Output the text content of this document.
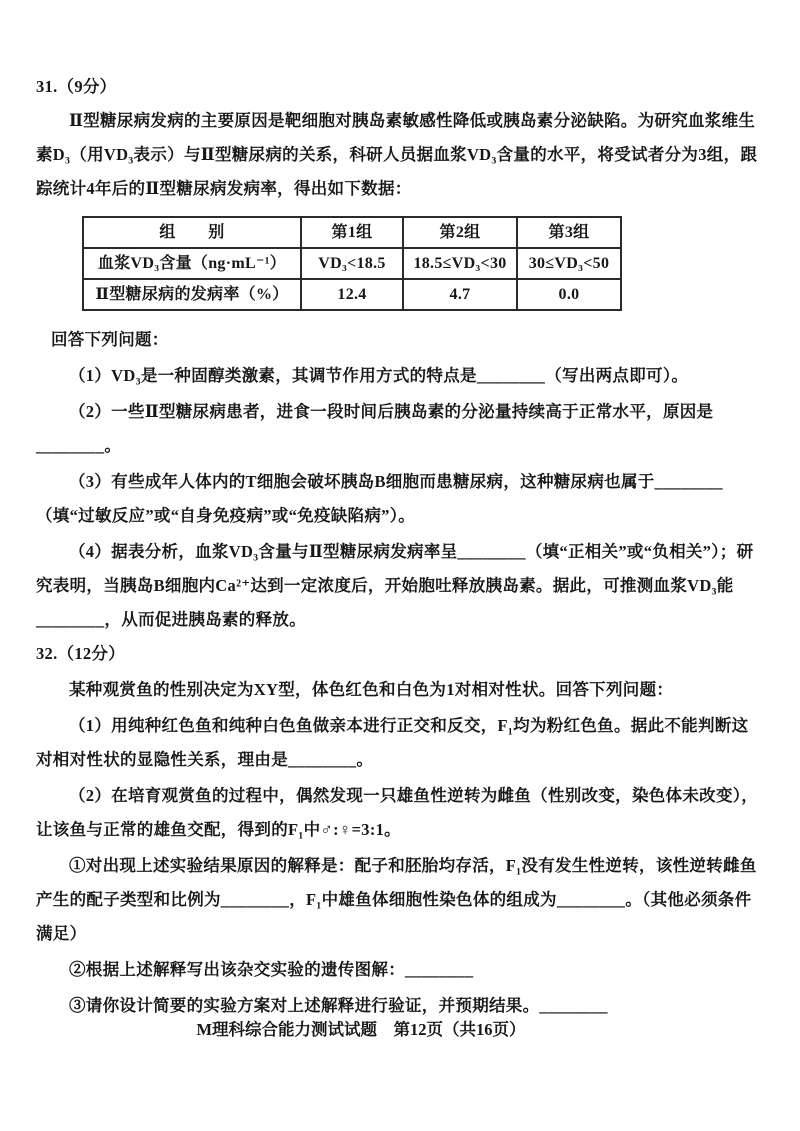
31.（9分）

Ⅱ型糖尿病发病的主要原因是靶细胞对胰岛素敏感性降低或胰岛素分泌缺陷。为研究血浆维生素D₃（用VD₃表示）与Ⅱ型糖尿病的关系，科研人员据血浆VD₃含量的水平，将受试者分为3组，跟踪统计4年后的Ⅱ型糖尿病发病率，得出如下数据：

组　　别	第1组	第2组	第3组
血浆VD₃含量（ng·mL⁻¹）	VD₃<18.5	18.5≤VD₃<30	30≤VD₃<50
Ⅱ型糖尿病的发病率（%）	12.4	4.7	0.0

回答下列问题：

（1）VD₃是一种固醇类激素，其调节作用方式的特点是________（写出两点即可）。

（2）一些Ⅱ型糖尿病患者，进食一段时间后胰岛素的分泌量持续高于正常水平，原因是________。

（3）有些成年人体内的T细胞会破坏胰岛B细胞而患糖尿病，这种糖尿病也属于________（填“过敏反应”或“自身免疫病”或“免疫缺陷病”）。

（4）据表分析，血浆VD₃含量与Ⅱ型糖尿病发病率呈________（填“正相关”或“负相关”）；研究表明，当胰岛B细胞内Ca²⁺达到一定浓度后，开始胞吐释放胰岛素。据此，可推测血浆VD₃能________，从而促进胰岛素的释放。

32.（12分）

某种观赏鱼的性别决定为XY型，体色红色和白色为1对相对性状。回答下列问题：

（1）用纯种红色鱼和纯种白色鱼做亲本进行正交和反交，F₁均为粉红色鱼。据此不能判断这对相对性状的显隐性关系，理由是________。

（2）在培育观赏鱼的过程中，偶然发现一只雄鱼性逆转为雌鱼（性别改变，染色体未改变），让该鱼与正常的雄鱼交配，得到的F₁中♂:♀=3:1。

①对出现上述实验结果原因的解释是：配子和胚胎均存活，F₁没有发生性逆转，该性逆转雌鱼产生的配子类型和比例为________，F₁中雄鱼体细胞性染色体的组成为________。（其他必须条件满足）

②根据上述解释写出该杂交实验的遗传图解：________

③请你设计简要的实验方案对上述解释进行验证，并预期结果。________

M理科综合能力测试试题　第12页（共16页）
